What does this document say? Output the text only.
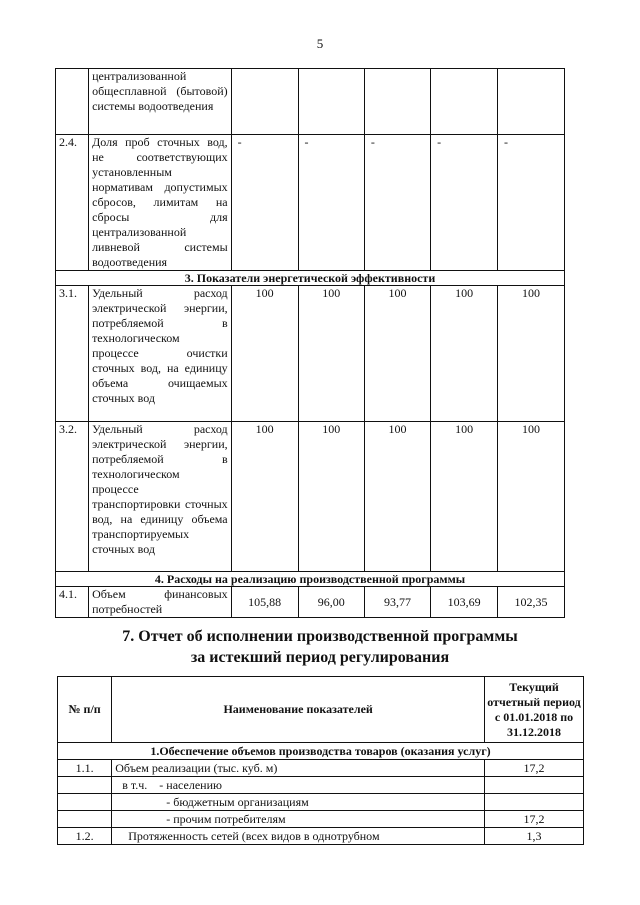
5
	централизованной общесплавной (бытовой) системы водоотведения					
2.4.	Доля проб сточных вод, не соответствующих установленным нормативам допустимых сбросов, лимитам на сбросы для централизованной ливневой системы водоотведения	-	-	-	-	-
3. Показатели энергетической эффективности						
3.1.	Удельный расход электрической энергии, потребляемой в технологическом процессе очистки сточных вод, на единицу объема очищаемых сточных вод	100	100	100	100	100
3.2.	Удельный расход электрической энергии, потребляемой в технологическом процессе транспортировки сточных вод, на единицу объема транспортируемых сточных вод	100	100	100	100	100
4. Расходы на реализацию производственной программы						
4.1.	Объем финансовых потребностей	105,88	96,00	93,77	103,69	102,35
7. Отчет об исполнении производственной программы
за истекший период регулирования
№ п/п	Наименование показателей	Текущий отчетный период с 01.01.2018 по 31.12.2018
1.Обеспечение объемов производства товаров (оказания услуг)		
1.1.	Объем реализации (тыс. куб. м)	17,2
	в т.ч.    - населению	
	- бюджетным организациям	
	- прочим потребителям	17,2
1.2.	Протяженность сетей (всех видов в однотрубном	1,3
